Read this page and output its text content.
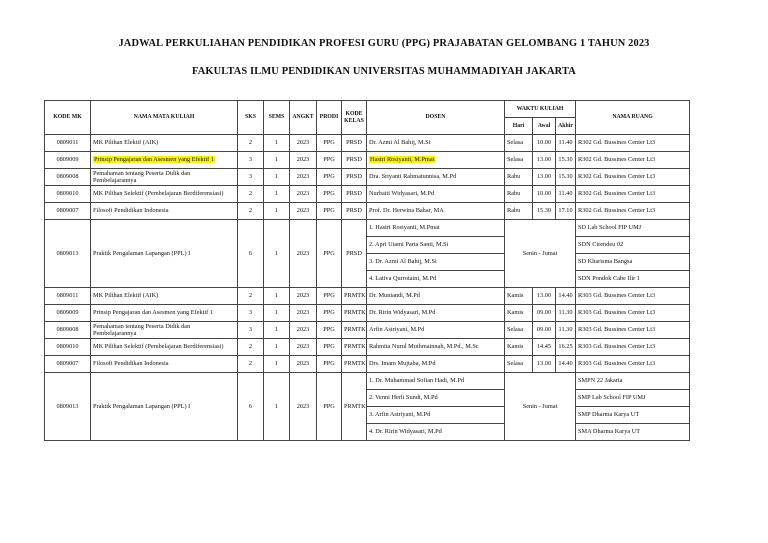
JADWAL PERKULIAHAN PENDIDIKAN PROFESI GURU (PPG) PRAJABATAN GELOMBANG 1 TAHUN 2023
FAKULTAS ILMU PENDIDIKAN UNIVERSITAS MUHAMMADIYAH JAKARTA
KODE MK	NAMA MATA KULIAH	SKS	SEMS	ANGKT	PRODI	KODE KELAS	DOSEN	WAKTU KULIAH			NAMA RUANG
								Hari	Awal	Akhir	
0809011	MK Pilihan Elektif (AIK)	2	1	2023	PPG	PRSD	Dr. Azmi Al Bahij, M.Si	Selasa	10.00	11.40	R302 Gd. Bussines Center Lt3
0809009	Prinsip Pengajaran dan Asesmen yang Efektif 1	3	1	2023	PPG	PRSD	Hastri Rosiyanti, M.Pmat	Selasa	13.00	15.30	R302 Gd. Bussines Center Lt3
0809008	Pemahaman tentang Peserta Didik dan Pembelajarannya	3	1	2023	PPG	PRSD	Dra. Sriyanti Rahmatunnisa, M.Pd	Rabu	13.00	15.30	R302 Gd. Bussines Center Lt3
0809010	MK Pilihan Selektif (Pembelajaran Berdiferensiasi)	2	1	2023	PPG	PRSD	Nurbaiti Widyasari, M.Pd	Rabu	10.00	11.40	R302 Gd. Bussines Center Lt3
0809007	Filosofi Pendidikan Indonesia	2	1	2023	PPG	PRSD	Prof. Dr. Herwina Bahar, MA	Rabu	15.30	17.10	R302 Gd. Bussines Center Lt3
0809013	Praktik Pengalaman Lapangan (PPL) I	6	1	2023	PPG	PRSD	1. Hastri Rosiyanti, M.Pmat	Senin - Jumat			SD Lab School FIP UMJ
							2. Apri Utami Parta Santi, M.Si				SDN Cirendeu 02
							3. Dr. Azmi Al Bahij, M.Si				SD Kharisma Bangsa
							4. Lativa Qurrotaini, M.Pd				SDN Pondok Cabe Ilir 1
0809011	MK Pilihan Elektif (AIK)	2	1	2023	PPG	PRMTK	Dr. Muniandi, M.Pd	Kamis	13.00	14.40	R303 Gd. Bussines Center Lt3
0809009	Prinsip Pengajaran dan Asesmen yang Efektif 1	3	1	2023	PPG	PRMTK	Dr. Ririn Widyasari, M.Pd	Kamis	09.00	11.30	R303 Gd. Bussines Center Lt3
0809008	Pemahaman tentang Peserta Didik dan Pembelajarannya	3	1	2023	PPG	PRMTK	Arfin Astriyani, M.Pd	Selasa	09.00	11.30	R303 Gd. Bussines Center Lt3
0809010	MK Pilihan Selektif (Pembelajaran Berdiferensiasi)	2	1	2023	PPG	PRMTK	Rahmita Nurul Muthmainnah, M.Pd., M.Sc	Kamis	14.45	16.25	R303 Gd. Bussines Center Lt3
0809007	Filosofi Pendidikan Indonesia	2	1	2023	PPG	PRMTK	Drs. Imam Mujtaba, M.Pd	Selasa	13.00	14.40	R303 Gd. Bussines Center Lt3
0809013	Praktik Pengalaman Lapangan (PPL) I	6	1	2023	PPG	PRMTK	1. Dr. Muhammad Sofian Hadi, M.Pd	Senin - Jumat			SMPN 22 Jakarta
							2. Venni Herli Sundi, M.Pd				SMP Lab School FIP UMJ
							3. Arfin Astriyani, M.Pd				SMP Dharma Karya UT
							4. Dr. Ririn Widyasari, M.Pd				SMA Dharma Karya UT
